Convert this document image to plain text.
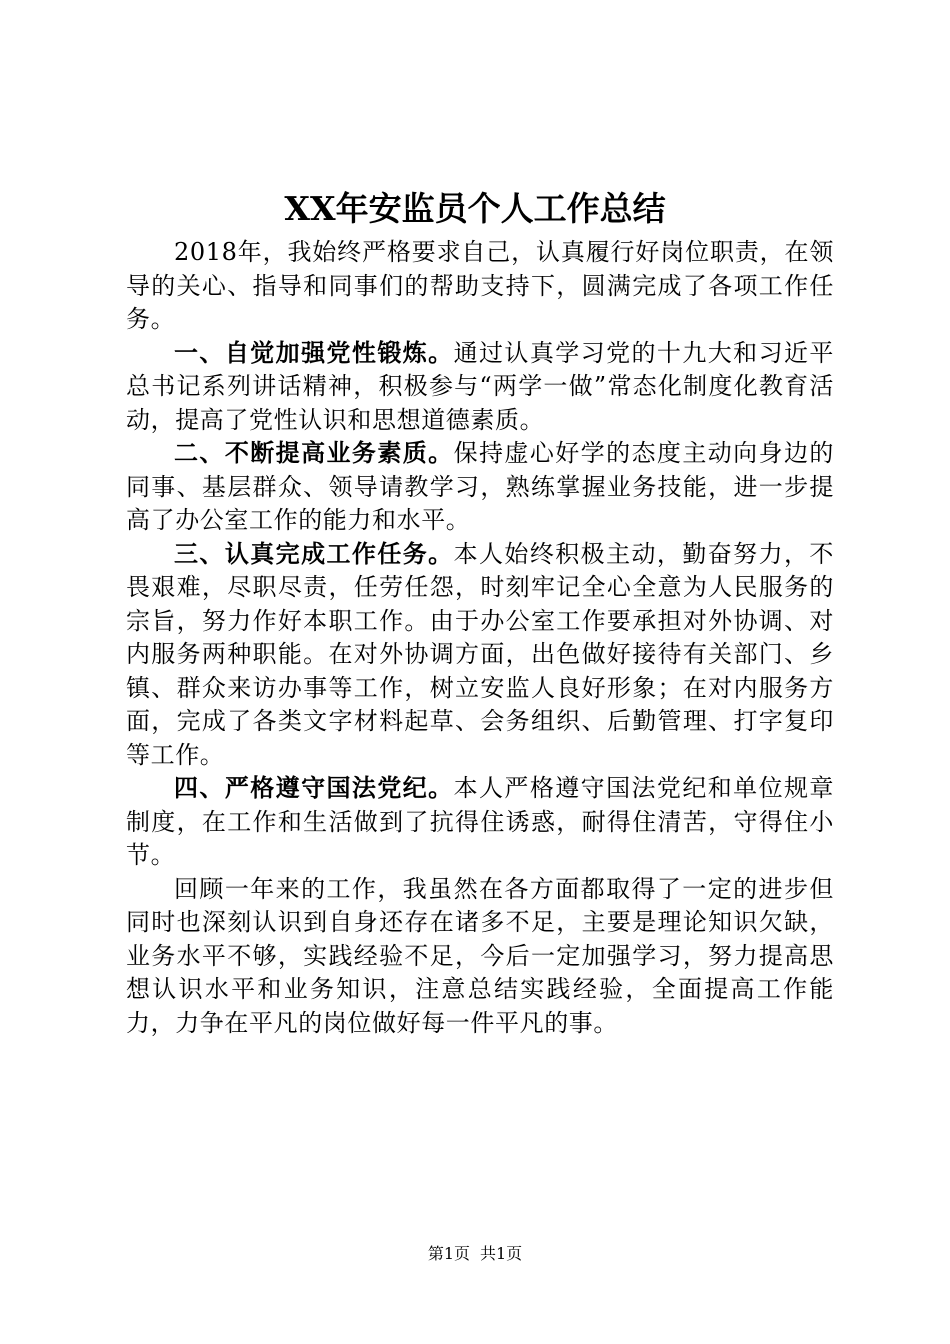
XX年安监员个人工作总结

2018年，我始终严格要求自己，认真履行好岗位职责，在领导的关心、指导和同事们的帮助支持下，圆满完成了各项工作任务。

一、自觉加强党性锻炼。通过认真学习党的十九大和习近平总书记系列讲话精神，积极参与“两学一做”常态化制度化教育活动，提高了党性认识和思想道德素质。

二、不断提高业务素质。保持虚心好学的态度主动向身边的同事、基层群众、领导请教学习，熟练掌握业务技能，进一步提高了办公室工作的能力和水平。

三、认真完成工作任务。本人始终积极主动，勤奋努力，不畏艰难，尽职尽责，任劳任怨，时刻牢记全心全意为人民服务的宗旨，努力作好本职工作。由于办公室工作要承担对外协调、对内服务两种职能。在对外协调方面，出色做好接待有关部门、乡镇、群众来访办事等工作，树立安监人良好形象；在对内服务方面，完成了各类文字材料起草、会务组织、后勤管理、打字复印等工作。

四、严格遵守国法党纪。本人严格遵守国法党纪和单位规章制度，在工作和生活做到了抗得住诱惑，耐得住清苦，守得住小节。

回顾一年来的工作，我虽然在各方面都取得了一定的进步但同时也深刻认识到自身还存在诸多不足，主要是理论知识欠缺，业务水平不够，实践经验不足，今后一定加强学习，努力提高思想认识水平和业务知识，注意总结实践经验，全面提高工作能力，力争在平凡的岗位做好每一件平凡的事。

第1页 共1页
